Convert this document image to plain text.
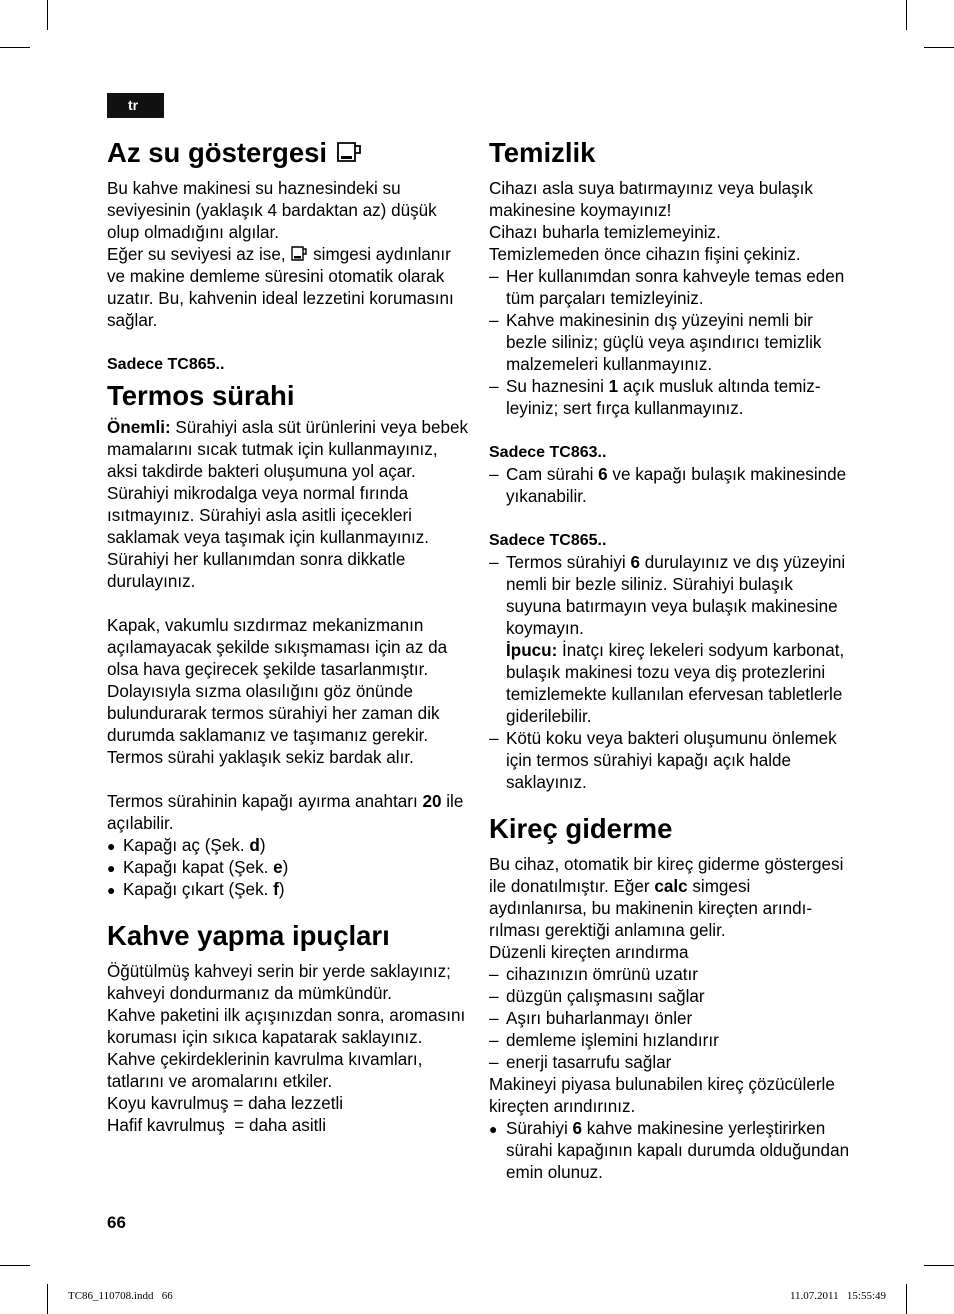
tr
Az su göstergesi

Bu kahve makinesi su haznesindeki su seviyesinin (yaklaşık 4 bardaktan az) düşük olup olmadığını algılar.

Eğer su seviyesi az ise, simgesi aydınlanır ve makine demleme süresini otomatik olarak uzatır. Bu, kahvenin ideal lezzetini korumasını sağlar.

Sadece TC865..

Termos sürahi

Önemli: Sürahiyi asla süt ürünlerini veya bebek mamalarını sıcak tutmak için kullanmayınız, aksi takdirde bakteri oluşumuna yol açar. Sürahiyi mikrodalga veya normal fırında ısıtmayınız. Sürahiyi asla asitli içecekleri saklamak veya taşımak için kullanmayınız.

Sürahiyi her kullanımdan sonra dikkatle durulayınız.

Kapak, vakumlu sızdırmaz mekanizmanın açılamayacak şekilde sıkışmaması için az da olsa hava geçirecek şekilde tasarlanmıştır. Dolayısıyla sızma olasılığını göz önünde bulundurarak termos sürahiyi her zaman dik durumda saklamanız ve taşımanız gerekir. Termos sürahi yaklaşık sekiz bardak alır.

Termos sürahinin kapağı ayırma anahtarı 20 ile açılabilir.

● Kapağı aç (Şek. d)

● Kapağı kapat (Şek. e)

● Kapağı çıkart (Şek. f)

Kahve yapma ipuçları

Öğütülmüş kahveyi serin bir yerde saklayınız; kahveyi dondurmanız da mümkündür.

Kahve paketini ilk açışınızdan sonra, aromasını koruması için sıkıca kapatarak saklayınız.

Kahve çekirdeklerinin kavrulma kıvamları, tatlarını ve aromalarını etkiler.

Koyu kavrulmuş = daha lezzetli

Hafif kavrulmuş  = daha asitli

Temizlik

Cihazı asla suya batırmayınız veya bulaşık makinesine koymayınız!

Cihazı buharla temizlemeyiniz.

Temizlemeden önce cihazın fişini çekiniz.

– Her kullanımdan sonra kahveyle temas eden tüm parçaları temizleyiniz.

– Kahve makinesinin dış yüzeyini nemli bir bezle siliniz; güçlü veya aşındırıcı temizlik malzemeleri kullanmayınız.

– Su haznesini 1 açık musluk altında temizleyiniz; sert fırça kullanmayınız.

Sadece TC863..

– Cam sürahi 6 ve kapağı bulaşık makinesinde yıkanabilir.

Sadece TC865..

– Termos sürahiyi 6 durulayınız ve dış yüzeyini nemli bir bezle siliniz. Sürahiyi bulaşık suyuna batırmayın veya bulaşık makinesine koymayın.
İpucu: İnatçı kireç lekeleri sodyum karbonat, bulaşık makinesi tozu veya diş protezlerini temizlemekte kullanılan efervesan tabletlerle giderilebilir.

– Kötü koku veya bakteri oluşumunu önlemek için termos sürahiyi kapağı açık halde saklayınız.

Kireç giderme

Bu cihaz, otomatik bir kireç giderme göstergesi ile donatılmıştır. Eğer calc simgesi aydınlanırsa, bu makinenin kireçten arındırılması gerektiği anlamına gelir.

Düzenli kireçten arındırma

– cihazınızın ömrünü uzatır

– düzgün çalışmasını sağlar

– Aşırı buharlanmayı önler

– demleme işlemini hızlandırır

– enerji tasarrufu sağlar

Makineyi piyasa bulunabilen kireç çözücülerle kireçten arındırınız.

● Sürahiyi 6 kahve makinesine yerleştirirken sürahi kapağının kapalı durumda olduğundan emin olunuz.

66
TC86_110708.indd   66	11.07.2011   15:55:49
